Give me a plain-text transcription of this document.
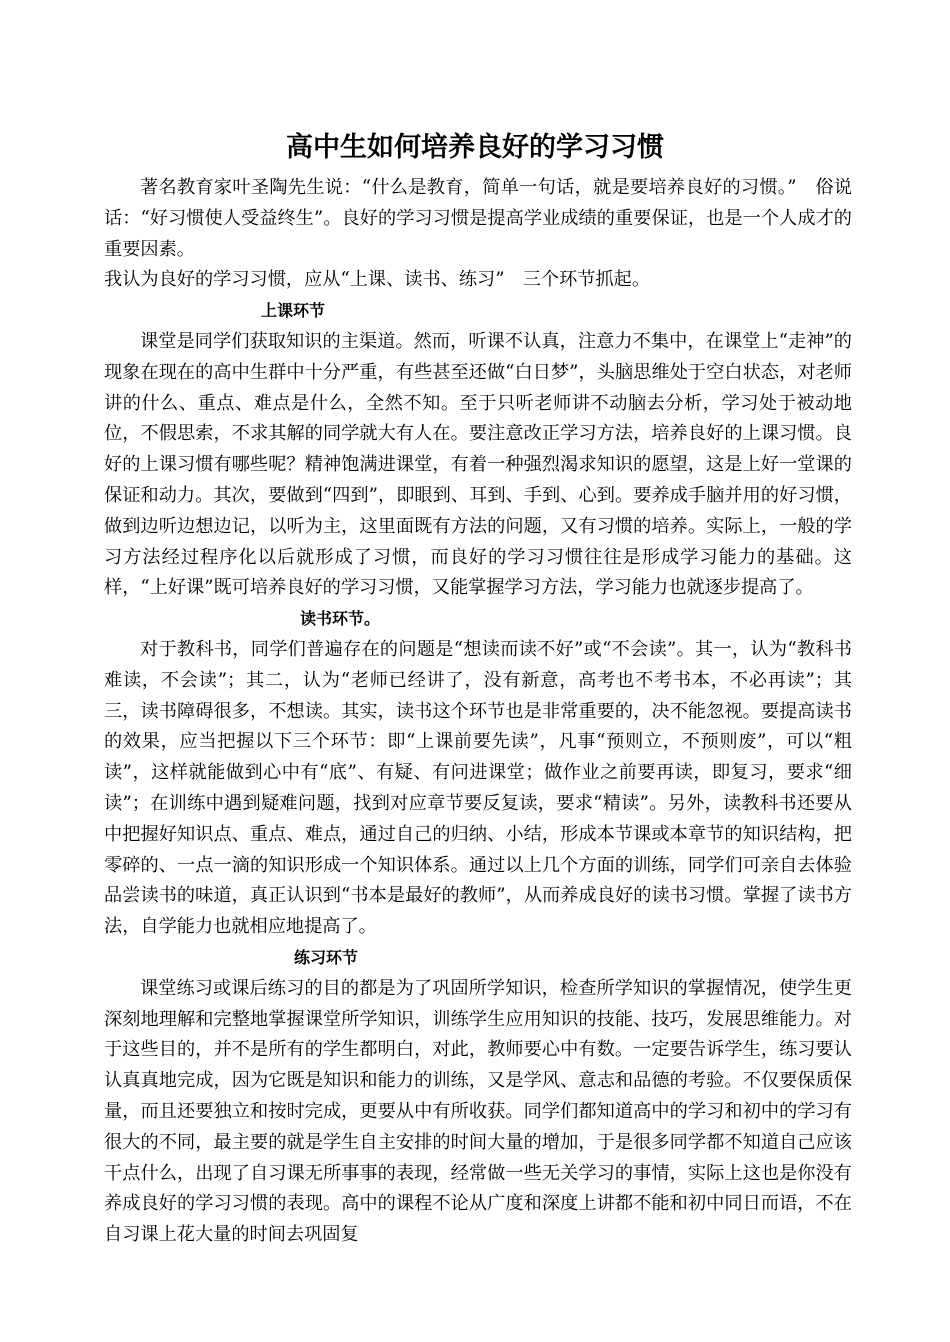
高中生如何培养良好的学习习惯

著名教育家叶圣陶先生说：“什么是教育，简单一句话，就是要培养良好的习惯。”　俗说话：“好习惯使人受益终生”。良好的学习习惯是提高学业成绩的重要保证，也是一个人成才的重要因素。

我认为良好的学习习惯，应从“上课、读书、练习”　三个环节抓起。

上课环节

课堂是同学们获取知识的主渠道。然而，听课不认真，注意力不集中，在课堂上“走神”的现象在现在的高中生群中十分严重，有些甚至还做“白日梦”，头脑思维处于空白状态，对老师讲的什么、重点、难点是什么，全然不知。至于只听老师讲不动脑去分析，学习处于被动地位，不假思索，不求其解的同学就大有人在。要注意改正学习方法，培养良好的上课习惯。良好的上课习惯有哪些呢？精神饱满进课堂，有着一种强烈渴求知识的愿望，这是上好一堂课的保证和动力。其次，要做到“四到”，即眼到、耳到、手到、心到。要养成手脑并用的好习惯，做到边听边想边记，以听为主，这里面既有方法的问题，又有习惯的培养。实际上，一般的学习方法经过程序化以后就形成了习惯，而良好的学习习惯往往是形成学习能力的基础。这样，“上好课”既可培养良好的学习习惯，又能掌握学习方法，学习能力也就逐步提高了。

读书环节。

对于教科书，同学们普遍存在的问题是“想读而读不好”或“不会读”。其一，认为“教科书难读，不会读”；其二，认为“老师已经讲了，没有新意，高考也不考书本，不必再读”；其三，读书障碍很多，不想读。其实，读书这个环节也是非常重要的，决不能忽视。要提高读书的效果，应当把握以下三个环节：即“上课前要先读”，凡事“预则立，不预则废”，可以“粗读”，这样就能做到心中有“底”、有疑、有问进课堂；做作业之前要再读，即复习，要求“细读”；在训练中遇到疑难问题，找到对应章节要反复读，要求“精读”。另外，读教科书还要从中把握好知识点、重点、难点，通过自己的归纳、小结，形成本节课或本章节的知识结构，把零碎的、一点一滴的知识形成一个知识体系。通过以上几个方面的训练，同学们可亲自去体验品尝读书的味道，真正认识到“书本是最好的教师”，从而养成良好的读书习惯。掌握了读书方法，自学能力也就相应地提高了。

练习环节

课堂练习或课后练习的目的都是为了巩固所学知识，检查所学知识的掌握情况，使学生更深刻地理解和完整地掌握课堂所学知识，训练学生应用知识的技能、技巧，发展思维能力。对于这些目的，并不是所有的学生都明白，对此，教师要心中有数。一定要告诉学生，练习要认认真真地完成，因为它既是知识和能力的训练，又是学风、意志和品德的考验。不仅要保质保量，而且还要独立和按时完成，更要从中有所收获。同学们都知道高中的学习和初中的学习有很大的不同，最主要的就是学生自主安排的时间大量的增加，于是很多同学都不知道自己应该干点什么，出现了自习课无所事事的表现，经常做一些无关学习的事情，实际上这也是你没有养成良好的学习习惯的表现。高中的课程不论从广度和深度上讲都不能和初中同日而语，不在自习课上花大量的时间去巩固复
